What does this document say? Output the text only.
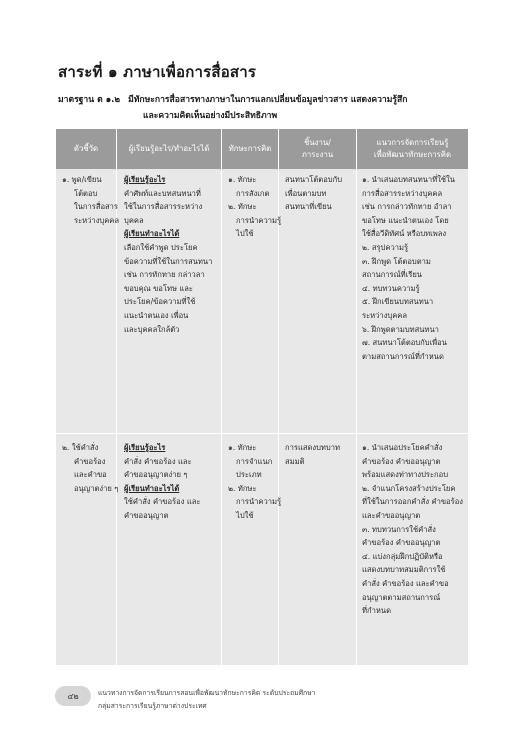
สาระที่ ๑ ภาษาเพื่อการสื่อสาร
มาตรฐาน ต ๑.๒ มีทักษะการสื่อสารทางภาษาในการแลกเปลี่ยนข้อมูลข่าวสาร แสดงความรู้สึก
และความคิดเห็นอย่างมีประสิทธิภาพ
ตัวชี้วัด	ผู้เรียนรู้อะไร/ทำอะไรได้ ทักษะการคิด
ชิ้นงาน/
ภาระงาน
แนวการจัดการเรียนรู้
เพื่อพัฒนาทักษะการคิด
๑. พูด/เขียน
โต้ตอบ
ในการสื่อสาร
ระหว่างบุคคล
ผู้เรียนรู้อะไร
คำศัพท์และบทสนทนาที่
ใช้ในการสื่อสารระหว่าง
บุคคล
ผู้เรียนทำอะไรได้
เลือกใช้คำพูด ประโยค
ข้อความที่ใช้ในการสนทนา
เช่น การทักทาย กล่าวลา
ขอบคุณ ขอโทษ และ
ประโยค/ข้อความที่ใช้
แนะนำตนเอง เพื่อน
และบุคคลใกล้ตัว
๑. ทักษะ
การสังเกต
๒. ทักษะ
การนำความรู้
ไปใช้
สนทนาโต้ตอบกับ
เพื่อนตามบท
สนทนาที่เขียน
๑. นำเสนอบทสนทนาที่ใช้ใน
การสื่อสารระหว่างบุคคล
เช่น การกล่าวทักทาย อำลา
ขอโทษ แนะนำตนเอง โดย
ใช้สื่อวีดิทัศน์ หรือบทเพลง
๒. สรุปความรู้
๓. ฝึกพูด โต้ตอบตาม
สถานการณ์ที่เรียน
๔. ทบทวนความรู้
๕. ฝึกเขียนบทสนทนา
ระหว่างบุคคล
๖. ฝึกพูดตามบทสนทนา
๗. สนทนาโต้ตอบกับเพื่อน
ตามสถานการณ์ที่กำหนด
๒. ใช้คำสั่ง
คำขอร้อง
และคำขอ
อนุญาตง่าย ๆ
ผู้เรียนรู้อะไร
คำสั่ง คำขอร้อง และ
คำขออนุญาตง่าย ๆ
ผู้เรียนทำอะไรได้
ใช้คำสั่ง คำขอร้อง และ
คำขออนุญาต
๑. ทักษะ
การจำแนก
ประเภท
๒. ทักษะ
การนำความรู้
ไปใช้
การแสดงบทบาท
สมมติ
๑. นำเสนอประโยคคำสั่ง
คำขอร้อง คำขออนุญาต
พร้อมแสดงท่าทางประกอบ
๒. จำแนกโครงสร้างประโยค
ที่ใช้ในการออกคำสั่ง คำขอร้อง
และคำขออนุญาต
๓. ทบทวนการใช้คำสั่ง
คำขอร้อง คำขออนุญาต
๔. แบ่งกลุ่มฝึกปฏิบัติหรือ
แสดงบทบาทสมมติการใช้
คำสั่ง คำขอร้อง และคำขอ
อนุญาตตามสถานการณ์
ที่กำหนด
๔๒	แนวทางการจัดการเรียนการสอนเพื่อพัฒนาทักษะการคิด ระดับประถมศึกษา
กลุ่มสาระการเรียนรู้ภาษาต่างประเทศ
